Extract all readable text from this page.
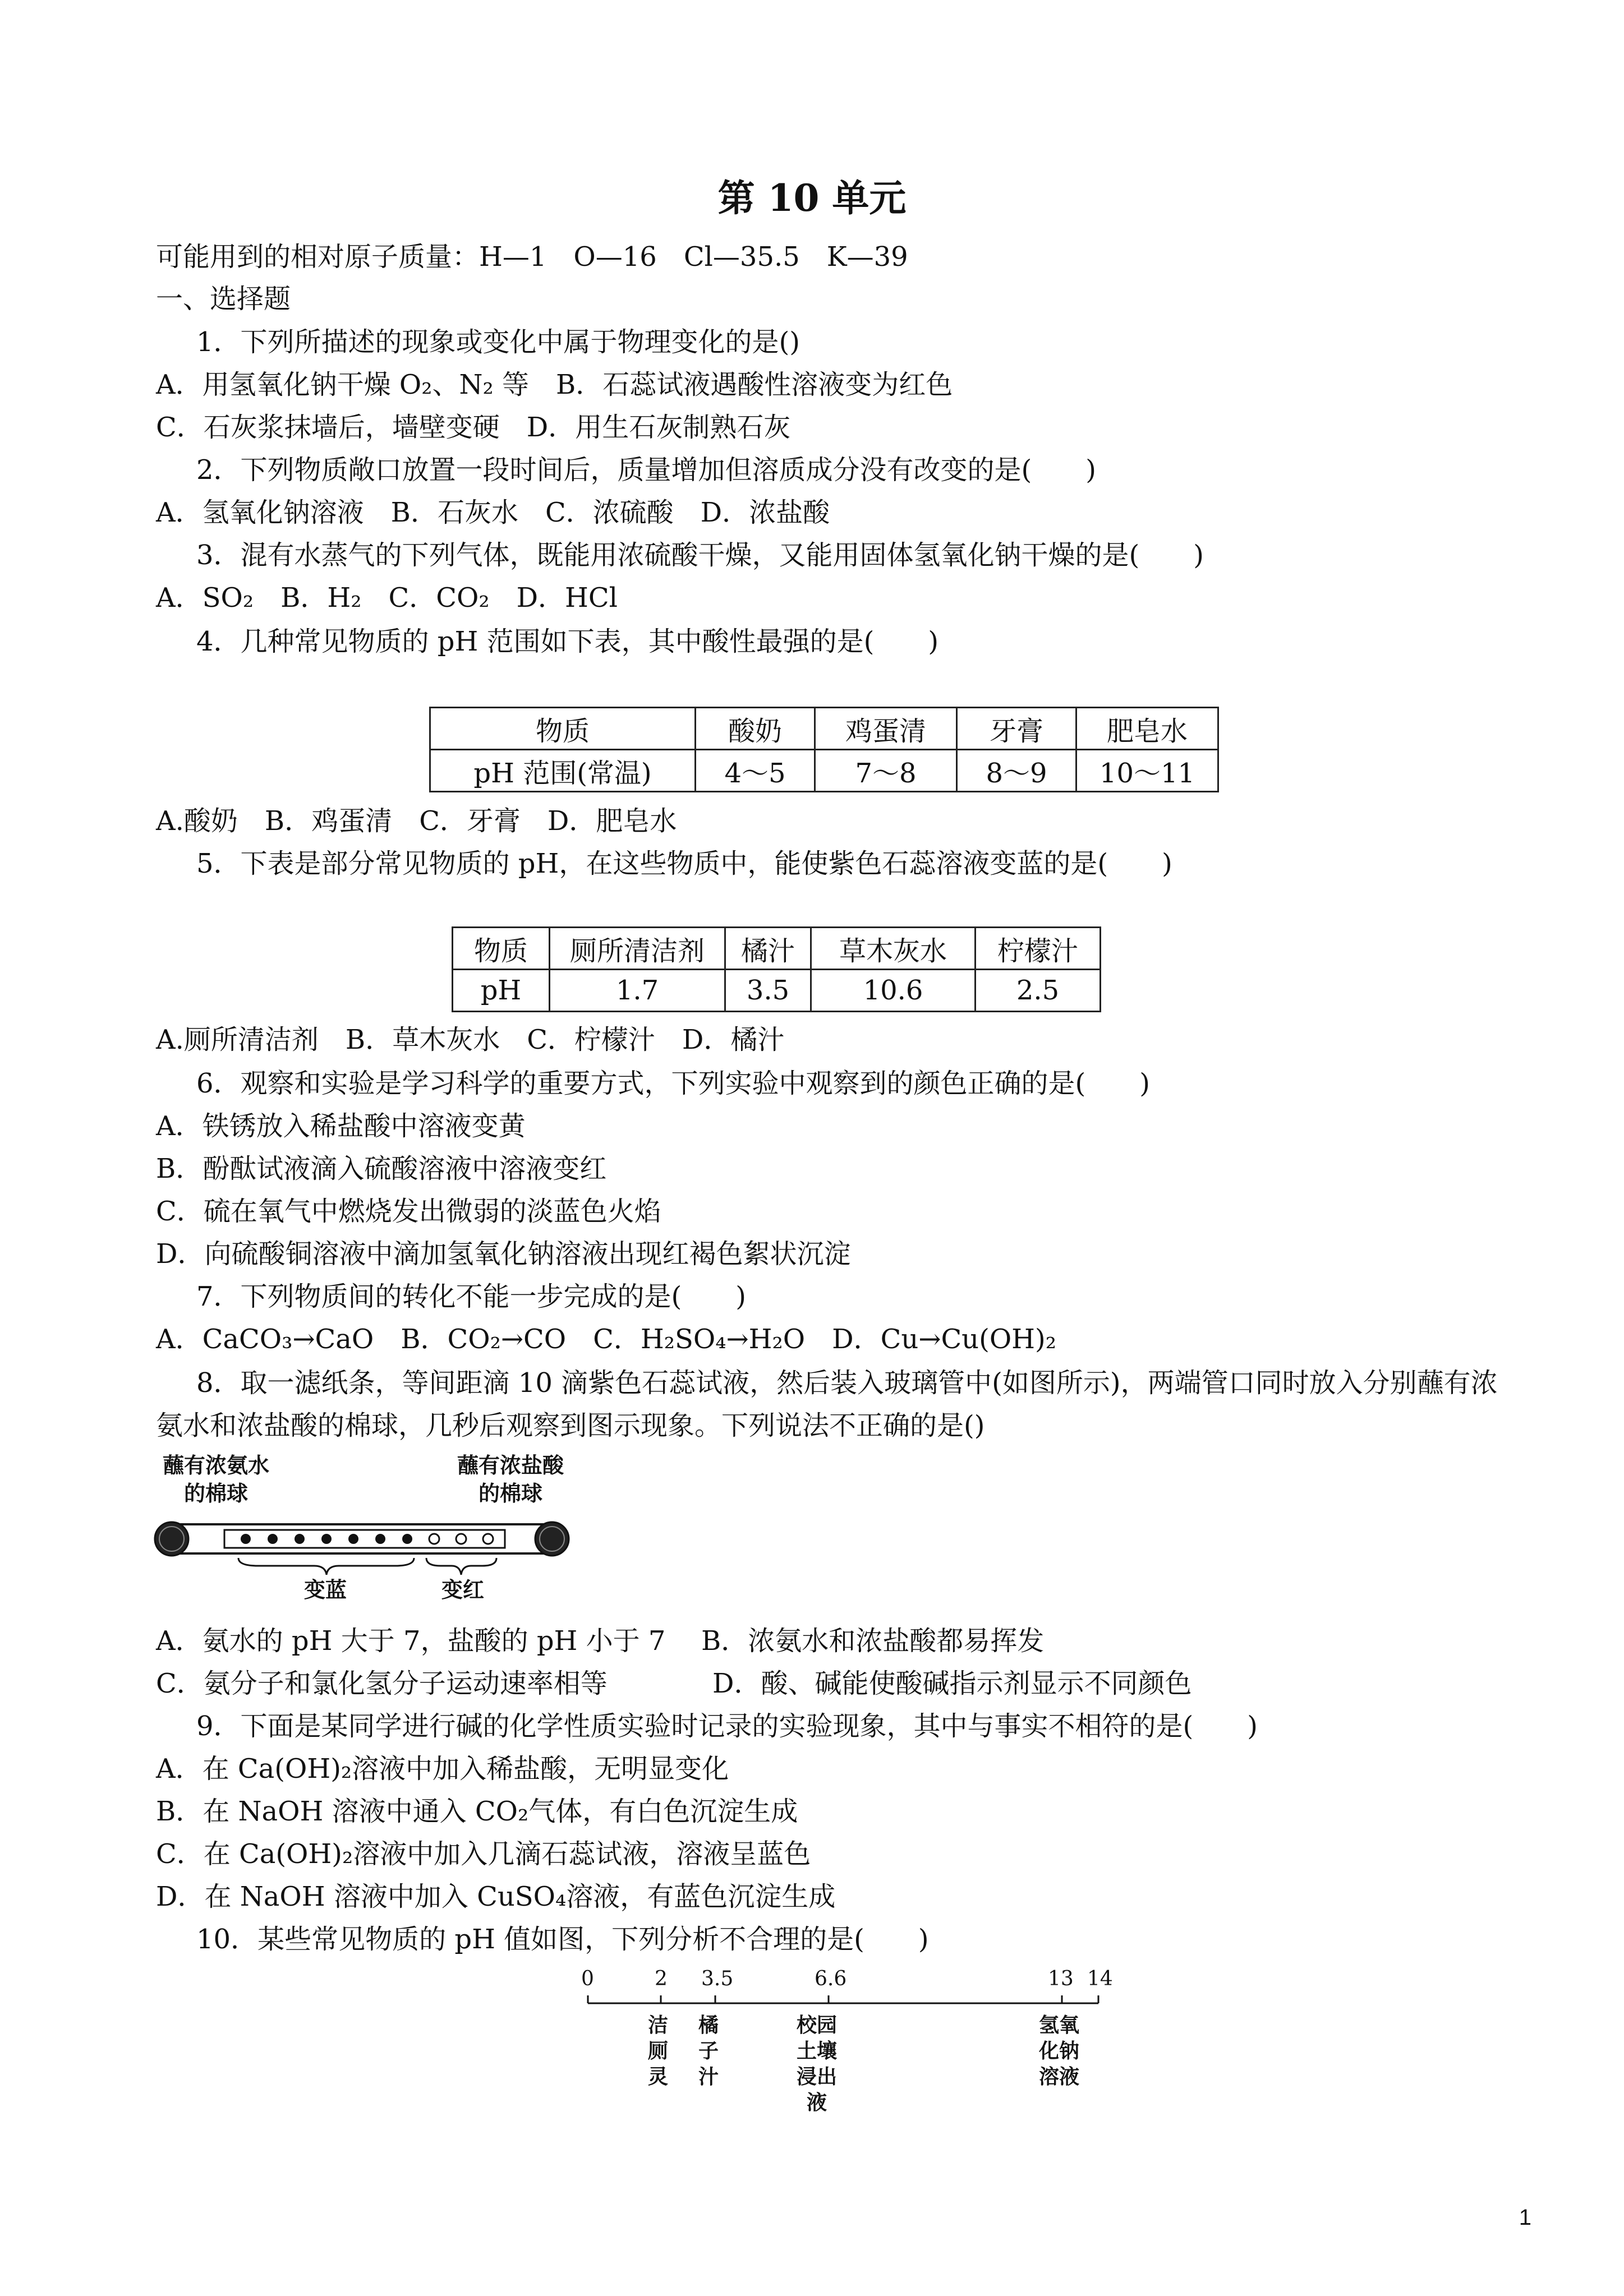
第 10 单元
可能用到的相对原子质量：H—1　O—16　Cl—35.5　K—39
一、选择题
1．下列所描述的现象或变化中属于物理变化的是()
A．用氢氧化钠干燥 O₂、N₂ 等　B．石蕊试液遇酸性溶液变为红色
C．石灰浆抹墙后，墙壁变硬　D．用生石灰制熟石灰
2．下列物质敞口放置一段时间后，质量增加但溶质成分没有改变的是(　　)
A．氢氧化钠溶液　B．石灰水　C．浓硫酸　D．浓盐酸
3．混有水蒸气的下列气体，既能用浓硫酸干燥，又能用固体氢氧化钠干燥的是(　　)
A．SO₂　B．H₂　C．CO₂　D．HCl
4．几种常见物质的 pH 范围如下表，其中酸性最强的是(　　)
物质	酸奶	鸡蛋清	牙膏	肥皂水
pH 范围(常温)	4～5	7～8	8～9	10～11
A.酸奶　B．鸡蛋清　C．牙膏　D．肥皂水
5．下表是部分常见物质的 pH，在这些物质中，能使紫色石蕊溶液变蓝的是(　　)
物质	厕所清洁剂	橘汁	草木灰水	柠檬汁
pH	1.7	3.5	10.6	2.5
A.厕所清洁剂　B．草木灰水　C．柠檬汁　D．橘汁
6．观察和实验是学习科学的重要方式，下列实验中观察到的颜色正确的是(　　)
A．铁锈放入稀盐酸中溶液变黄
B．酚酞试液滴入硫酸溶液中溶液变红
C．硫在氧气中燃烧发出微弱的淡蓝色火焰
D．向硫酸铜溶液中滴加氢氧化钠溶液出现红褐色絮状沉淀
7．下列物质间的转化不能一步完成的是(　　)
A．CaCO₃→CaO　B．CO₂→CO　C．H₂SO₄→H₂O　D．Cu→Cu(OH)₂
8．取一滤纸条，等间距滴 10 滴紫色石蕊试液，然后装入玻璃管中(如图所示)，两端管口同时放入分别蘸有浓
氨水和浓盐酸的棉球，几秒后观察到图示现象。下列说法不正确的是()
蘸有浓氨水
的棉球
蘸有浓盐酸
的棉球
变蓝	变红
A．氨水的 pH 大于 7，盐酸的 pH 小于 7 B．浓氨水和浓盐酸都易挥发
C．氨分子和氯化氢分子运动速率相等	D．酸、碱能使酸碱指示剂显示不同颜色
9．下面是某同学进行碱的化学性质实验时记录的实验现象，其中与事实不相符的是(　　)
A．在 Ca(OH)₂溶液中加入稀盐酸，无明显变化
B．在 NaOH 溶液中通入 CO₂气体，有白色沉淀生成
C．在 Ca(OH)₂溶液中加入几滴石蕊试液，溶液呈蓝色
D．在 NaOH 溶液中加入 CuSO₄溶液，有蓝色沉淀生成
10．某些常见物质的 pH 值如图，下列分析不合理的是(　　)
0	2 3.5	6.6	13 14
洁厕灵
橘子汁
校园土壤浸出液
氢氧化钠溶液
1
